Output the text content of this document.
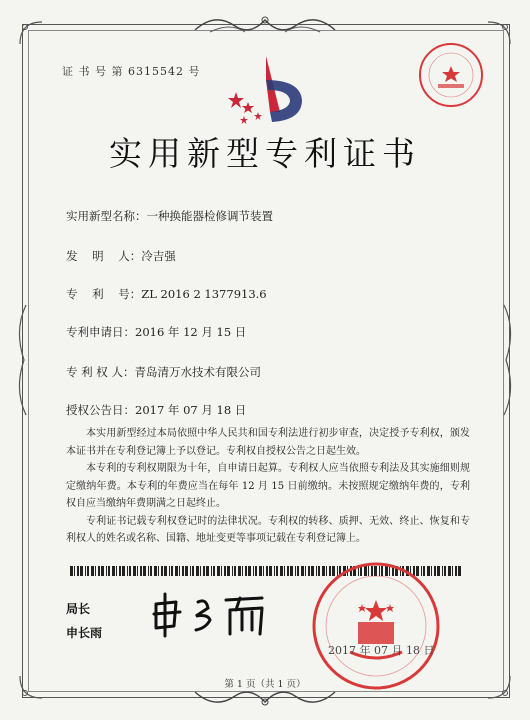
证 书 号 第 6315542 号
实用新型专利证书
实用新型名称：一种换能器检修调节装置
发    明    人：冷吉强
专    利    号：ZL 2016 2 1377913.6
专利申请日：2016 年 12 月 15 日
专 利 权 人：青岛清万水技术有限公司
授权公告日：2017 年 07 月 18 日

本实用新型经过本局依照中华人民共和国专利法进行初步审查，决定授予专利权，颁发本证书并在专利登记簿上予以登记。专利权自授权公告之日起生效。

本专利的专利权期限为十年，自申请日起算。专利权人应当依照专利法及其实施细则规定缴纳年费。本专利的年费应当在每年 12 月 15 日前缴纳。未按照规定缴纳年费的，专利权自应当缴纳年费期满之日起终止。

专利证书记载专利权登记时的法律状况。专利权的转移、质押、无效、终止、恢复和专利权人的姓名或名称、国籍、地址变更等事项记载在专利登记簿上。

局长
申长雨
2017 年 07 月 18 日
第 1 页（共 1 页）
